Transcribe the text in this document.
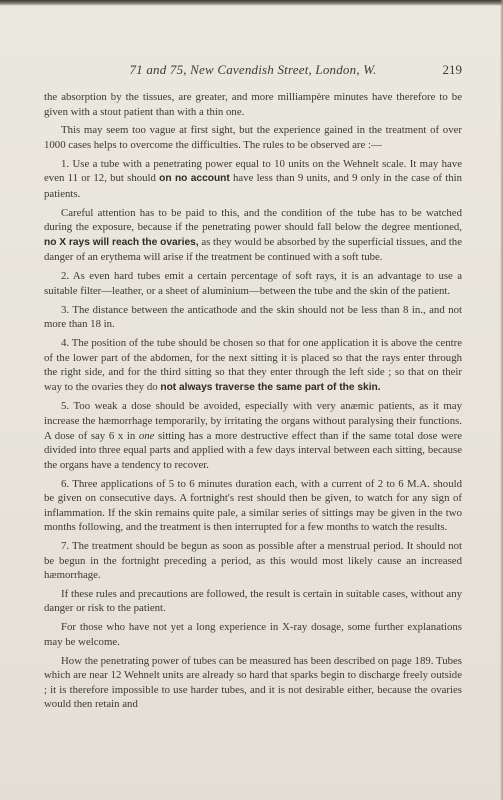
71 and 75, New Cavendish Street, London, W.	219

the absorption by the tissues, are greater, and more milliampère minutes have therefore to be given with a stout patient than with a thin one.

This may seem too vague at first sight, but the experience gained in the treatment of over 1000 cases helps to overcome the difficulties. The rules to be observed are :—

1. Use a tube with a penetrating power equal to 10 units on the Wehnelt scale. It may have even 11 or 12, but should on no account have less than 9 units, and 9 only in the case of thin patients.

Careful attention has to be paid to this, and the condition of the tube has to be watched during the exposure, because if the penetrating power should fall below the degree mentioned, no X rays will reach the ovaries, as they would be absorbed by the superficial tissues, and the danger of an erythema will arise if the treatment be continued with a soft tube.

2. As even hard tubes emit a certain percentage of soft rays, it is an advantage to use a suitable filter—leather, or a sheet of aluminium—between the tube and the skin of the patient.

3. The distance between the anticathode and the skin should not be less than 8 in., and not more than 18 in.

4. The position of the tube should be chosen so that for one application it is above the centre of the lower part of the abdomen, for the next sitting it is placed so that the rays enter through the right side, and for the third sitting so that they enter through the left side ; so that on their way to the ovaries they do not always traverse the same part of the skin.

5. Too weak a dose should be avoided, especially with very anæmic patients, as it may increase the hæmorrhage temporarily, by irritating the organs without paralysing their functions. A dose of say 6 x in one sitting has a more destructive effect than if the same total dose were divided into three equal parts and applied with a few days interval between each sitting, because the organs have a tendency to recover.

6. Three applications of 5 to 6 minutes duration each, with a current of 2 to 6 M.A. should be given on consecutive days. A fortnight's rest should then be given, to watch for any sign of inflammation. If the skin remains quite pale, a similar series of sittings may be given in the two months following, and the treatment is then interrupted for a few months to watch the results.

7. The treatment should be begun as soon as possible after a menstrual period. It should not be begun in the fortnight preceding a period, as this would most likely cause an increased hæmorrhage.

If these rules and precautions are followed, the result is certain in suitable cases, without any danger or risk to the patient.

For those who have not yet a long experience in X-ray dosage, some further explanations may be welcome.

How the penetrating power of tubes can be measured has been described on page 189. Tubes which are near 12 Wehnelt units are already so hard that sparks begin to discharge freely outside ; it is therefore impossible to use harder tubes, and it is not desirable either, because the ovaries would then retain and
